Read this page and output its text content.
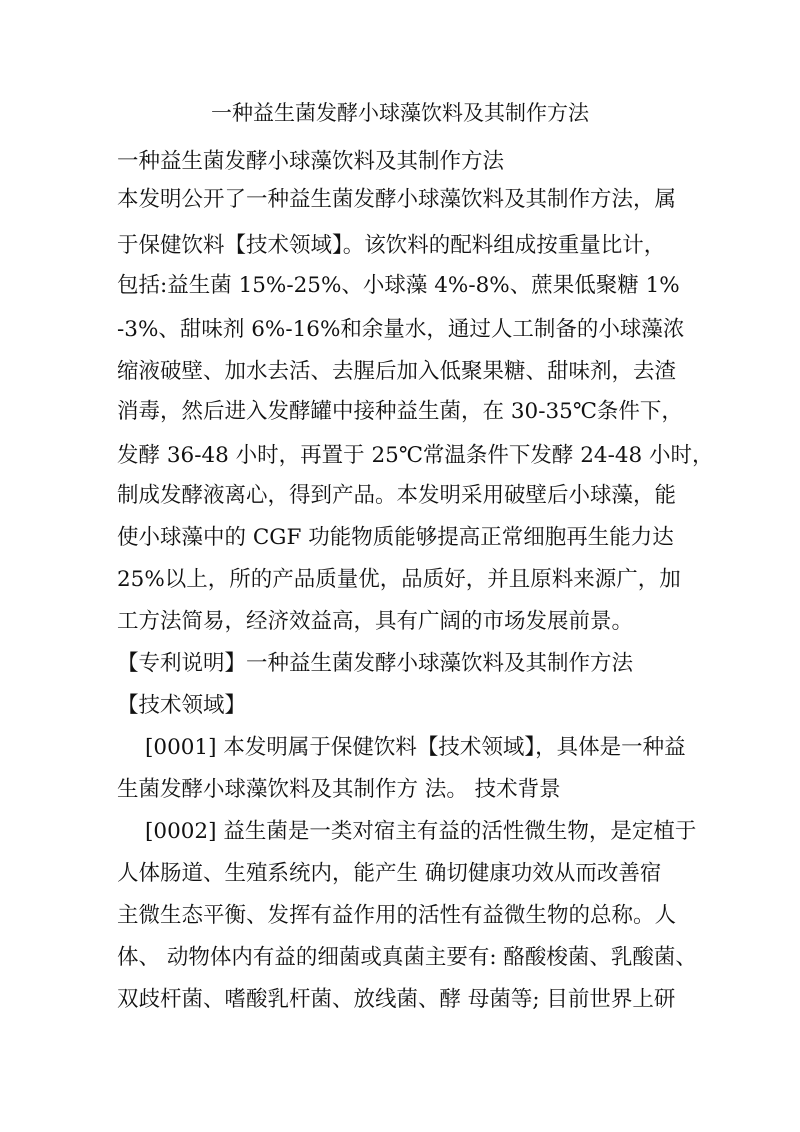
一种益生菌发酵小球藻饮料及其制作方法
一种益生菌发酵小球藻饮料及其制作方法
本发明公开了一种益生菌发酵小球藻饮料及其制作方法，属
于保健饮料【技术领域】。该饮料的配料组成按重量比计，
包括:益生菌 15%-25%、小球藻 4%-8%、蔗果低聚糖 1%
-3%、甜味剂 6%-16%和余量水，通过人工制备的小球藻浓
缩液破壁、加水去活、去腥后加入低聚果糖、甜味剂，去渣
消毒，然后进入发酵罐中接种益生菌，在 30-35℃条件下，
发酵 36-48 小时，再置于 25℃常温条件下发酵 24-48 小时，
制成发酵液离心，得到产品。本发明采用破壁后小球藻，能
使小球藻中的 CGF 功能物质能够提高正常细胞再生能力达
25%以上，所的产品质量优，品质好，并且原料来源广，加
工方法简易，经济效益高，具有广阔的市场发展前景。
【专利说明】一种益生菌发酵小球藻饮料及其制作方法
【技术领域】
[0001] 本发明属于保健饮料【技术领域】，具体是一种益
生菌发酵小球藻饮料及其制作方 法。 技术背景
[0002] 益生菌是一类对宿主有益的活性微生物，是定植于
人体肠道、生殖系统内，能产生 确切健康功效从而改善宿
主微生态平衡、发挥有益作用的活性有益微生物的总称。人
体、 动物体内有益的细菌或真菌主要有: 酪酸梭菌、乳酸菌、
双歧杆菌、嗜酸乳杆菌、放线菌、酵 母菌等; 目前世界上研
